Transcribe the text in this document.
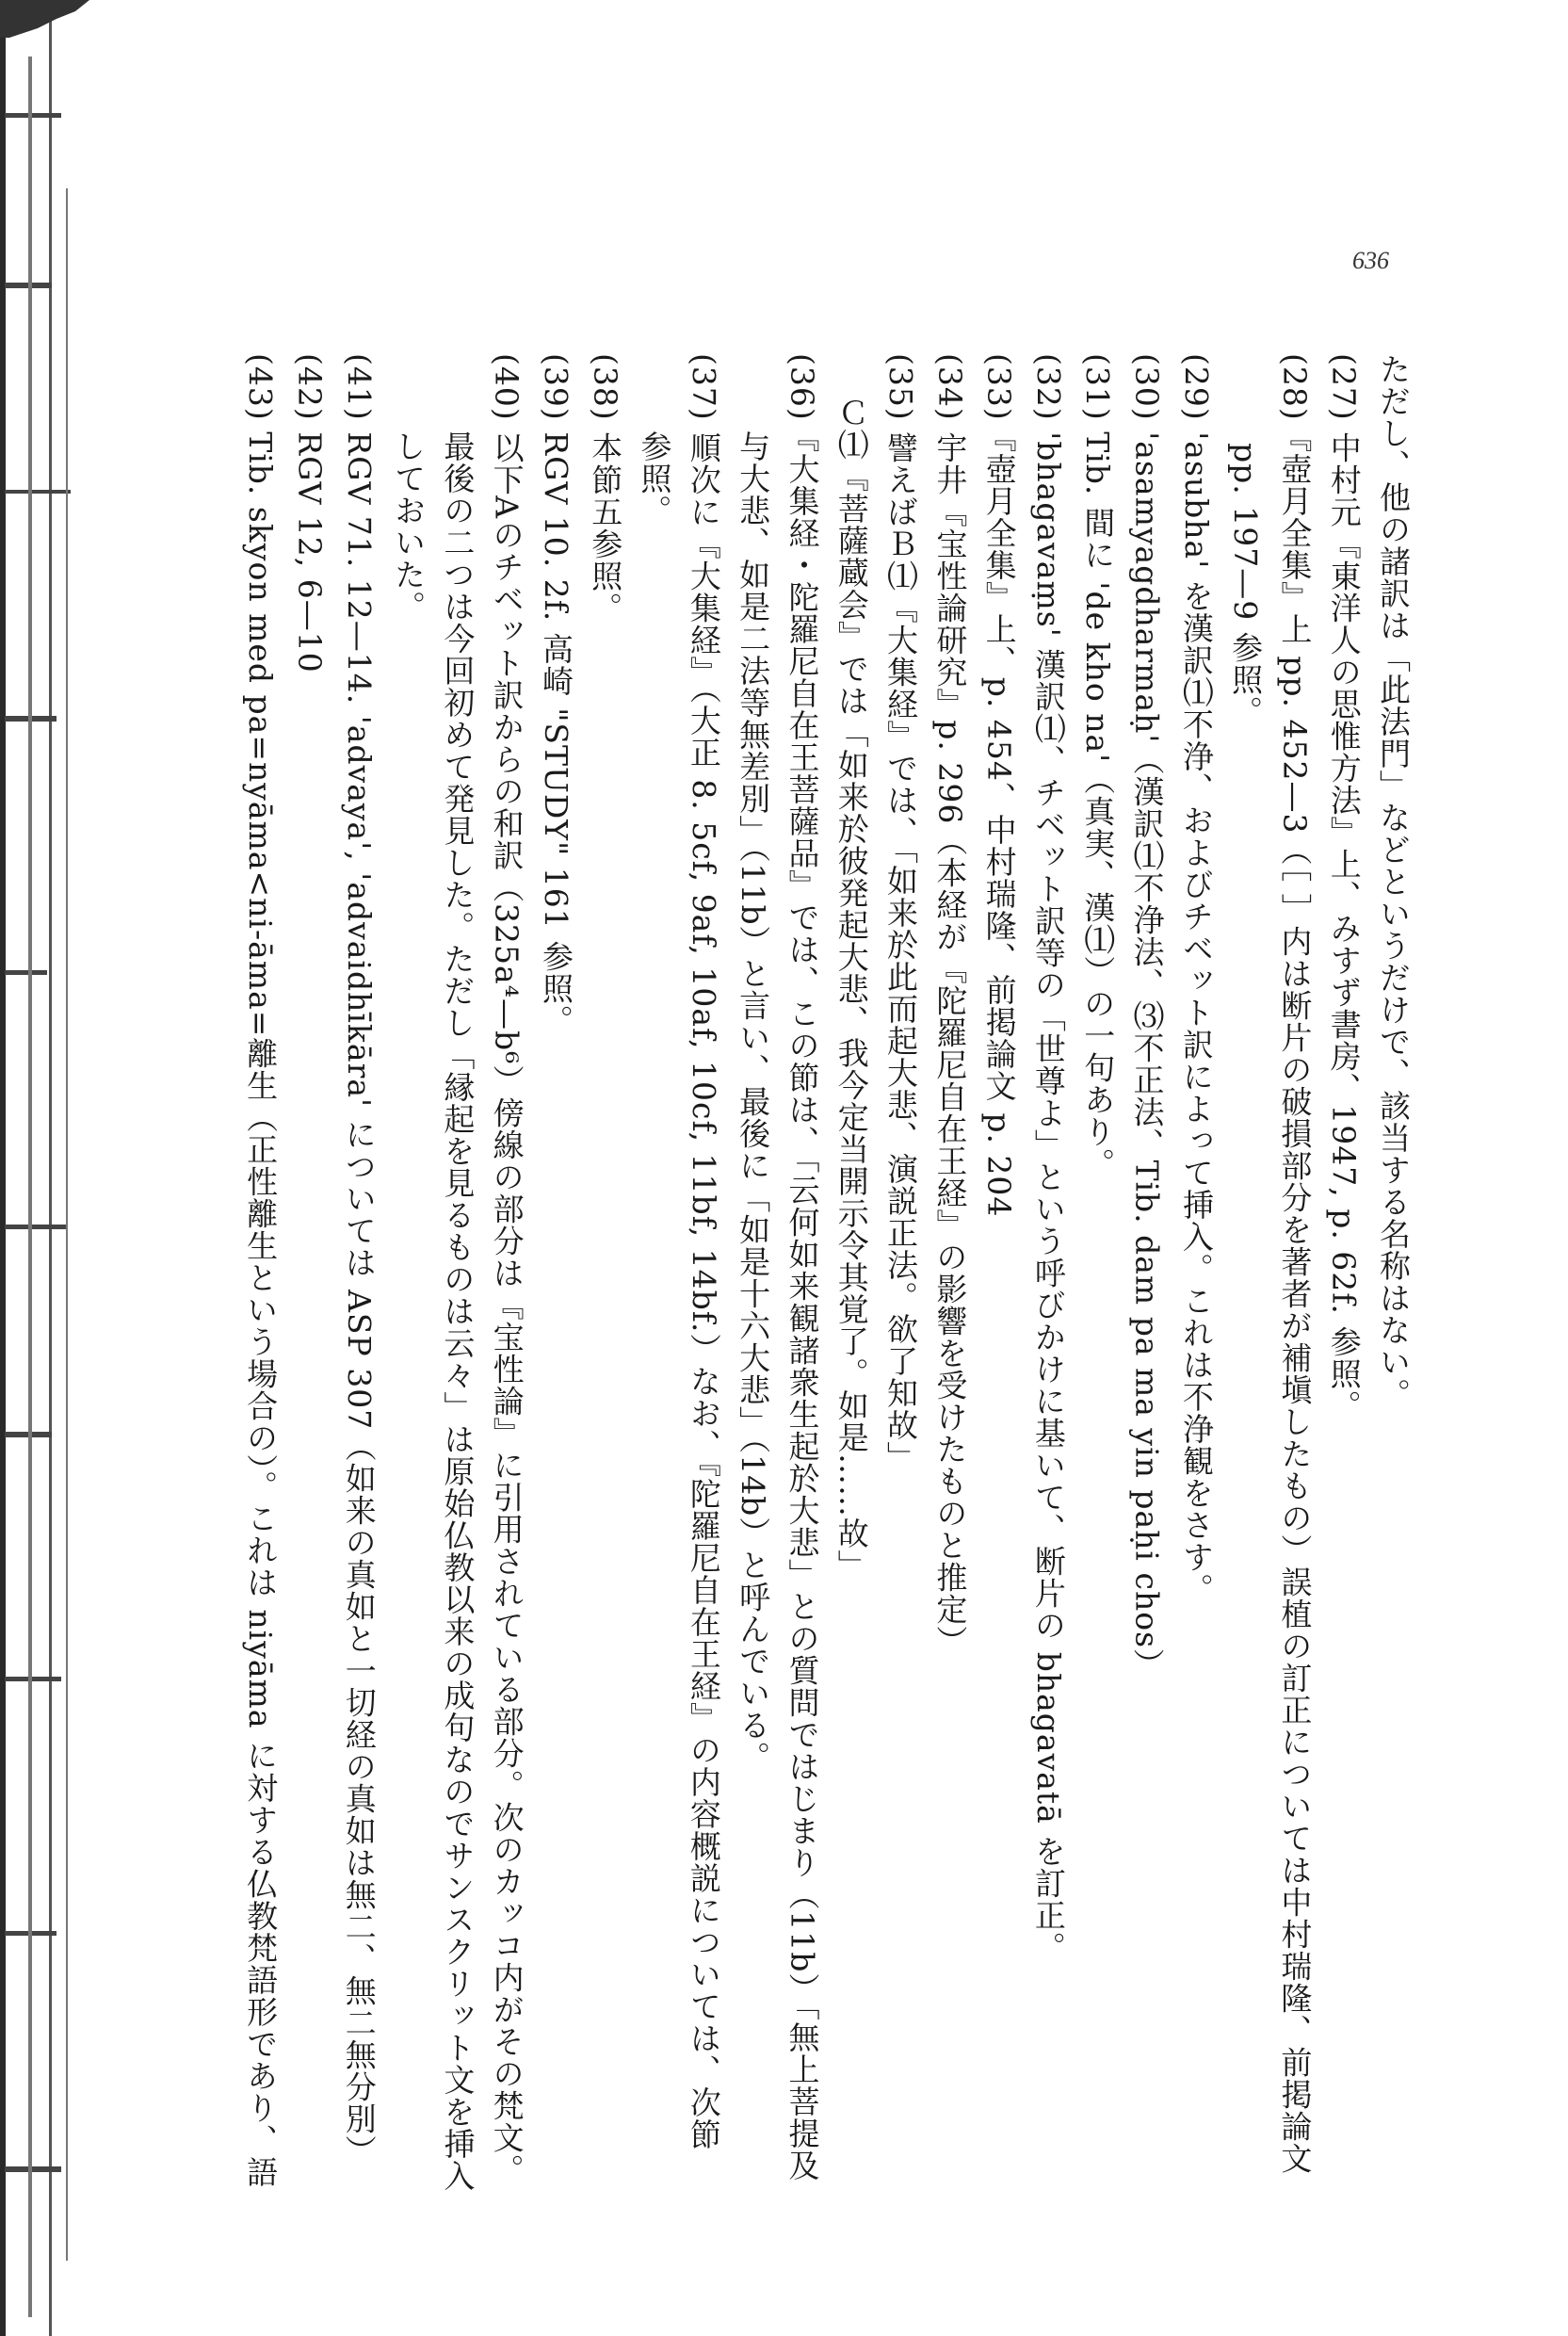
636
ただし、他の諸訳は「此法門」などというだけで、該当する名称はない。
(27) 中村元『東洋人の思惟方法』上、みすず書房、1947, p. 62f. 参照。
(28)『壺月全集』上 pp. 452—3（［ ］内は断片の破損部分を著者が補塡したもの）誤植の訂正については中村瑞隆、前掲論文
pp. 197—9 参照。
(29) 'asubha' を漢訳⑴不浄、およびチベット訳によって挿入。これは不浄観をさす。
(30) 'asamyagdharmaḥ'（漢訳⑴不浄法、⑶不正法、Tib. dam pa ma yin paḥi chos）
(31) Tib. 間に 'de kho na'（真実、漢⑴）の一句あり。
(32) 'bhagavaṃs' 漢訳⑴、チベット訳等の「世尊よ」という呼びかけに基いて、断片の bhagavatā を訂正。
(33)『壺月全集』上、p. 454、中村瑞隆、前掲論文 p. 204
(34) 宇井『宝性論研究』p. 296（本経が『陀羅尼自在王経』の影響を受けたものと推定）
(35) 譬えばＢ⑴『大集経』では、「如来於此而起大悲、演説正法。欲了知故」
Ｃ⑴『菩薩蔵会』では「如来於彼発起大悲、我今定当開示令其覚了。如是……故」
(36)『大集経・陀羅尼自在王菩薩品』では、この節は、「云何如来観諸衆生起於大悲」との質問ではじまり（11b）「無上菩提及
与大悲、如是二法等無差別」（11b）と言い、最後に「如是十六大悲」（14b）と呼んでいる。
(37) 順次に『大集経』（大正 8. 5cf, 9af, 10af, 10cf, 11bf, 14bf.）なお、『陀羅尼自在王経』の内容概説については、次節
参照。
(38) 本節五参照。
(39) RGV 10. 2f. 高崎 "STUDY" 161 参照。
(40) 以下Aのチベット訳からの和訳（325a⁴—b⁶）傍線の部分は『宝性論』に引用されている部分。次のカッコ内がその梵文。
最後の二つは今回初めて発見した。ただし「縁起を見るものは云々」は原始仏教以来の成句なのでサンスクリット文を挿入
しておいた。
(41) RGV 71. 12—14. 'advaya', 'advaidhīkāra' については ASP 307（如来の真如と一切経の真如は無二、無二無分別）
(42) RGV 12, 6—10
(43) Tib. skyon med pa=nyāma<ni-āma=離生（正性離生という場合の）。これは niyāma に対する仏教梵語形であり、語
